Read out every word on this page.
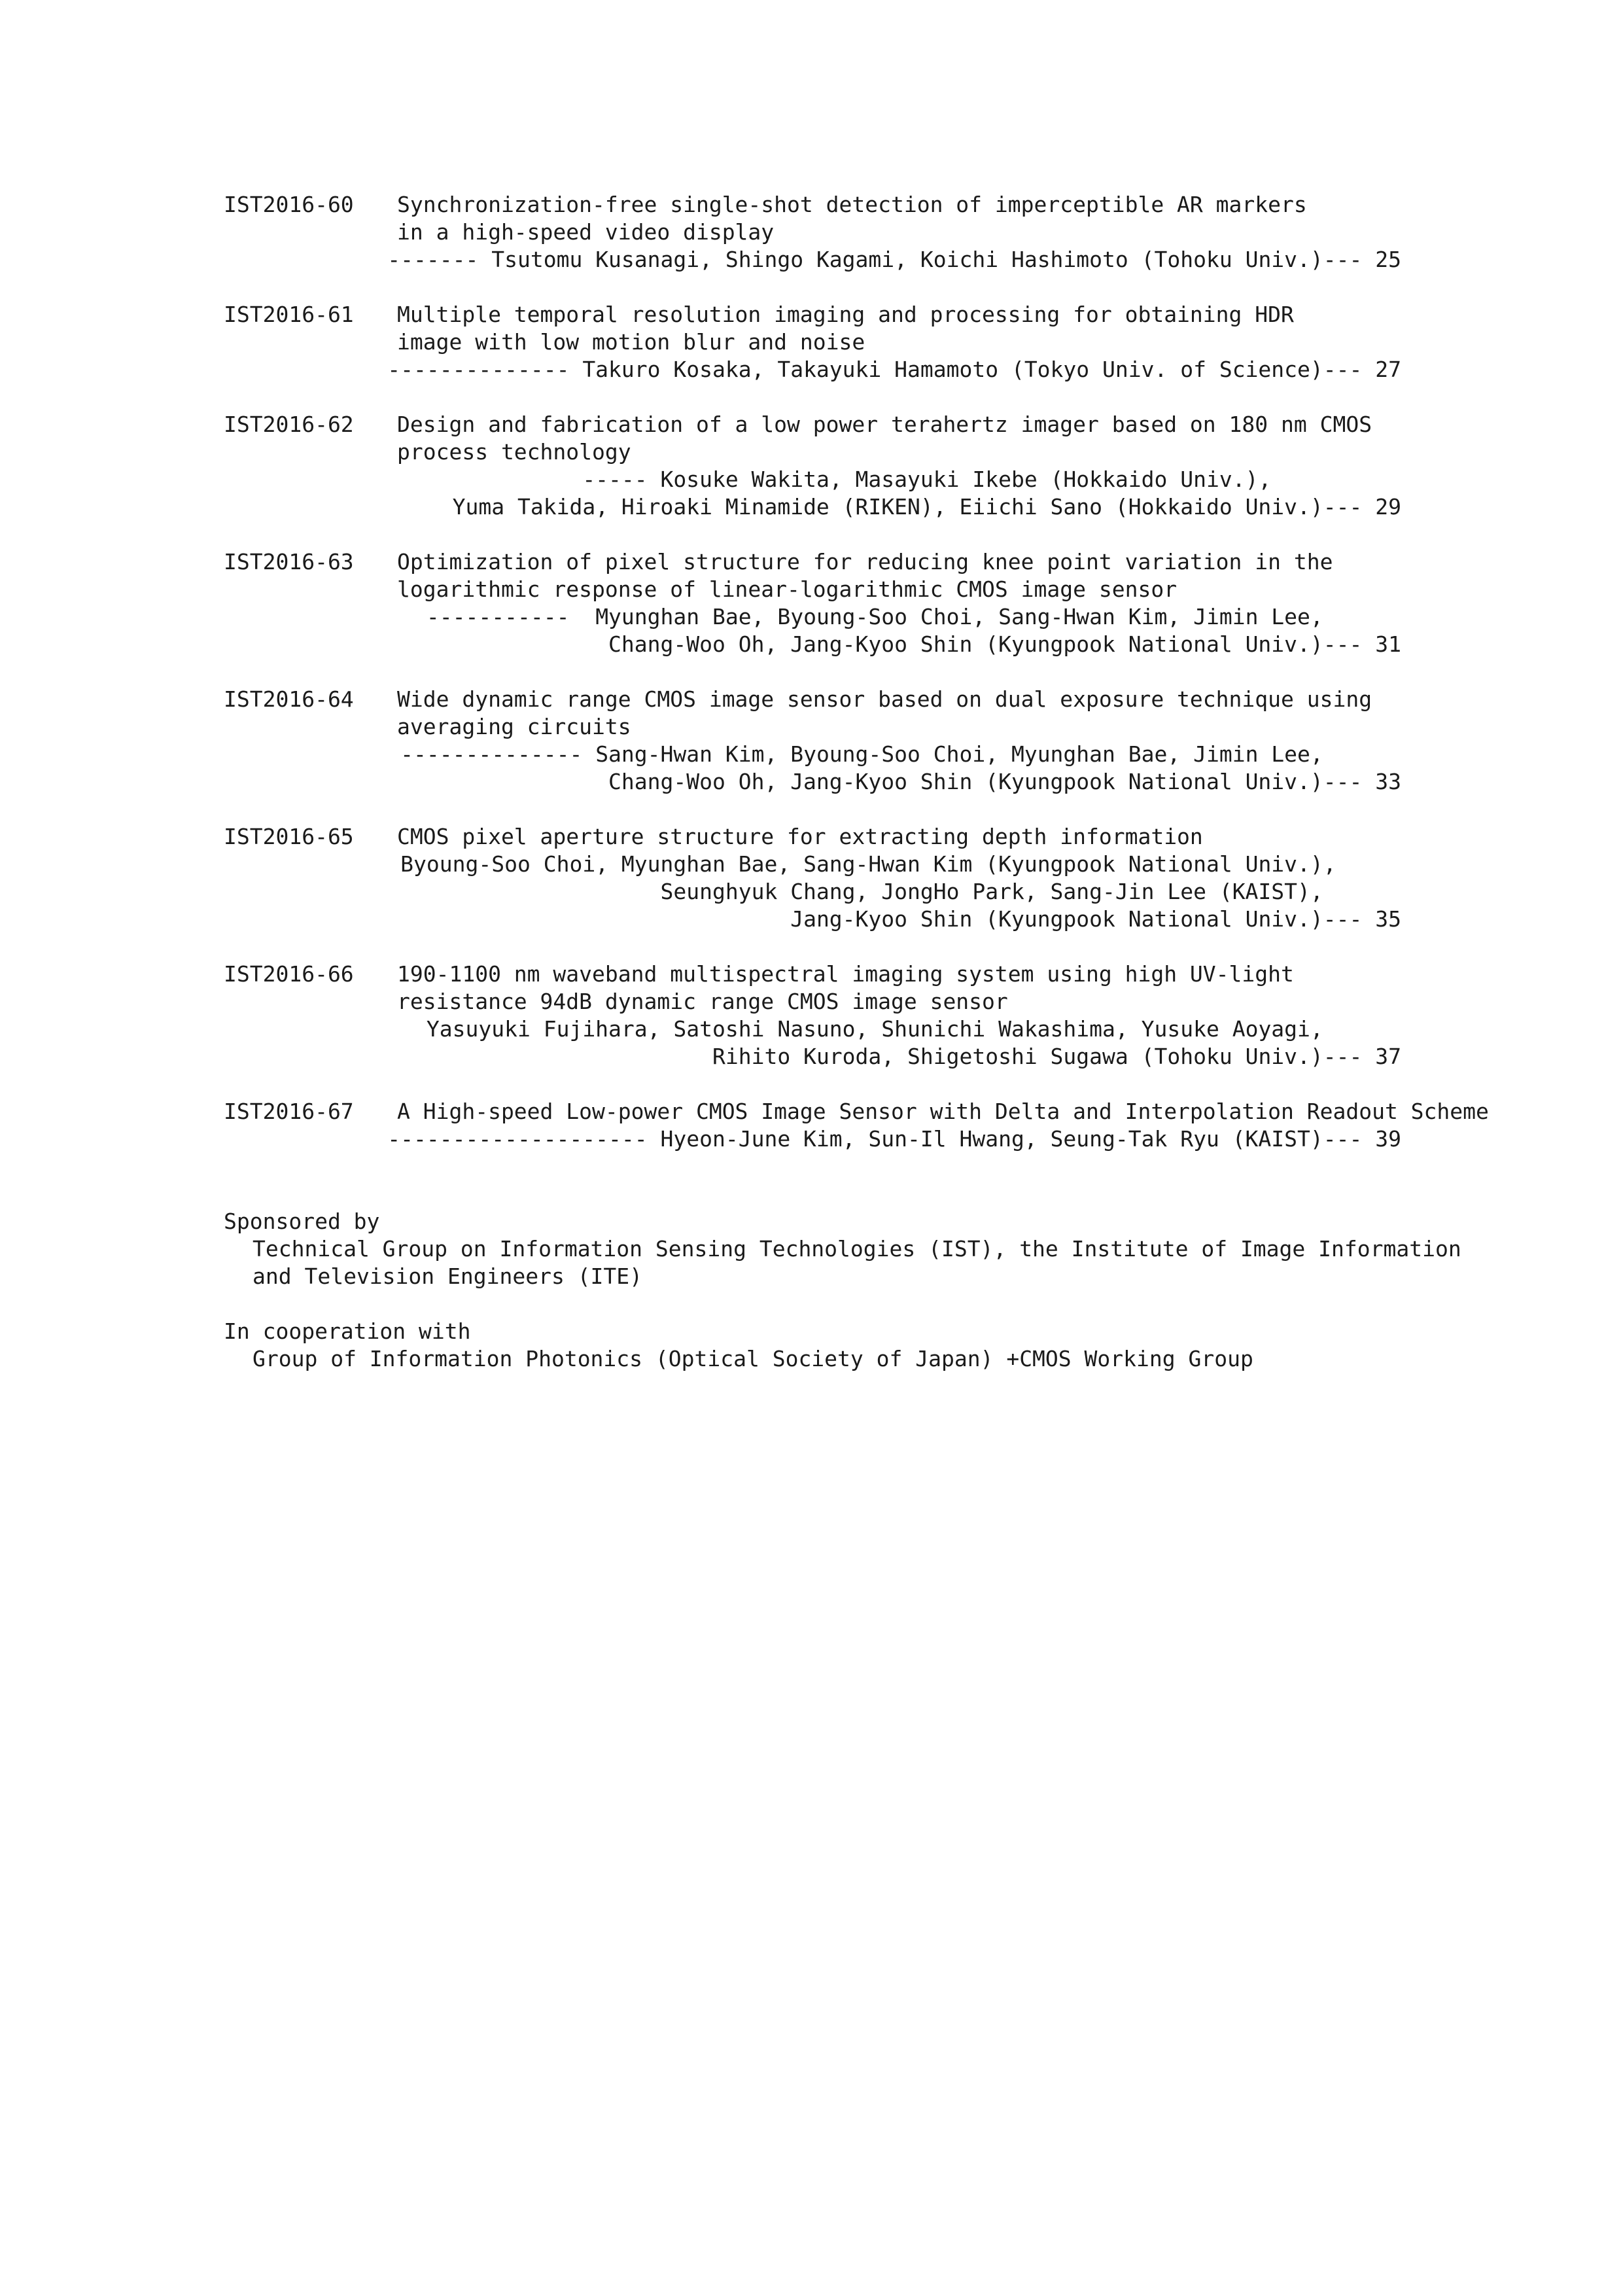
IST2016-60 Synchronization-free single-shot detection of imperceptible AR markers
in a high-speed video display
------- Tsutomu Kusanagi, Shingo Kagami, Koichi Hashimoto (Tohoku Univ.) --- 25
IST2016-61 Multiple temporal resolution imaging and processing for obtaining HDR
image with low motion blur and noise
-------------- Takuro Kosaka, Takayuki Hamamoto (Tokyo Univ. of Science) --- 27
IST2016-62 Design and fabrication of a low power terahertz imager based on 180 nm CMOS
process technology
----- Kosuke Wakita, Masayuki Ikebe (Hokkaido Univ.),

Yuma Takida, Hiroaki Minamide (RIKEN), Eiichi Sano (Hokkaido Univ.) --- 29
IST2016-63 Optimization of pixel structure for reducing knee point variation in the
logarithmic response of linear-logarithmic CMOS image sensor
----------- Myunghan Bae, Byoung-Soo Choi, Sang-Hwan Kim, Jimin Lee,

Chang-Woo Oh, Jang-Kyoo Shin (Kyungpook National Univ.) --- 31
IST2016-64 Wide dynamic range CMOS image sensor based on dual exposure technique using
averaging circuits
-------------- Sang-Hwan Kim, Byoung-Soo Choi, Myunghan Bae, Jimin Lee,

Chang-Woo Oh, Jang-Kyoo Shin (Kyungpook National Univ.) --- 33
IST2016-65 CMOS pixel aperture structure for extracting depth information
Byoung-Soo Choi, Myunghan Bae, Sang-Hwan Kim (Kyungpook National Univ.),

Seunghyuk Chang, JongHo Park, Sang-Jin Lee (KAIST),

Jang-Kyoo Shin (Kyungpook National Univ.) --- 35
IST2016-66 190-1100 nm waveband multispectral imaging system using high UV-light
resistance 94dB dynamic range CMOS image sensor
Yasuyuki Fujihara, Satoshi Nasuno, Shunichi Wakashima, Yusuke Aoyagi,

Rihito Kuroda, Shigetoshi Sugawa (Tohoku Univ.) --- 37
IST2016-67 A High-speed Low-power CMOS Image Sensor with Delta and Interpolation Readout Scheme
-------------------- Hyeon-June Kim, Sun-Il Hwang, Seung-Tak Ryu (KAIST) --- 39
Sponsored by
Technical Group on Information Sensing Technologies (IST), the Institute of Image Information
and Television Engineers (ITE)
In cooperation with
Group of Information Photonics (Optical Society of Japan) +CMOS Working Group
